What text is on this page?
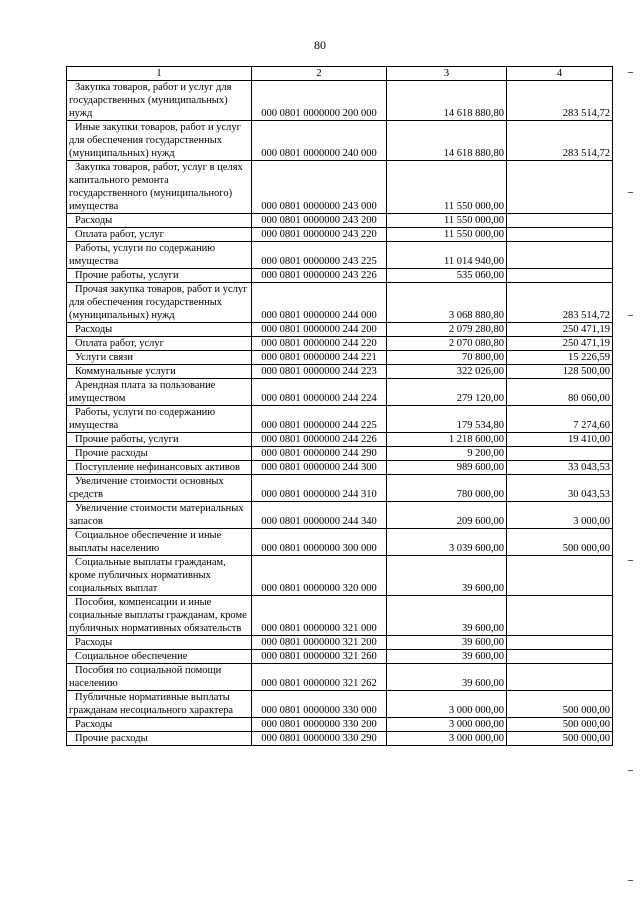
80
1	2	3	4
Закупка товаров, работ и услуг для государственных (муниципальных) нужд	000 0801 0000000 200 000	14 618 880,80	283 514,72
Иные закупки товаров, работ и услуг для обеспечения государственных (муниципальных) нужд	000 0801 0000000 240 000	14 618 880,80	283 514,72
Закупка товаров, работ, услуг в целях капитального ремонта государственного (муниципального) имущества	000 0801 0000000 243 000	11 550 000,00	
Расходы	000 0801 0000000 243 200	11 550 000,00	
Оплата работ, услуг	000 0801 0000000 243 220	11 550 000,00	
Работы, услуги по содержанию имущества	000 0801 0000000 243 225	11 014 940,00	
Прочие работы, услуги	000 0801 0000000 243 226	535 060,00	
Прочая закупка товаров, работ и услуг для обеспечения государственных (муниципальных) нужд	000 0801 0000000 244 000	3 068 880,80	283 514,72
Расходы	000 0801 0000000 244 200	2 079 280,80	250 471,19
Оплата работ, услуг	000 0801 0000000 244 220	2 070 080,80	250 471,19
Услуги связи	000 0801 0000000 244 221	70 800,00	15 226,59
Коммунальные услуги	000 0801 0000000 244 223	322 026,00	128 500,00
Арендная плата за пользование имуществом	000 0801 0000000 244 224	279 120,00	80 060,00
Работы, услуги по содержанию имущества	000 0801 0000000 244 225	179 534,80	7 274,60
Прочие работы, услуги	000 0801 0000000 244 226	1 218 600,00	19 410,00
Прочие расходы	000 0801 0000000 244 290	9 200,00	
Поступление нефинансовых активов	000 0801 0000000 244 300	989 600,00	33 043,53
Увеличение стоимости основных средств	000 0801 0000000 244 310	780 000,00	30 043,53
Увеличение стоимости материальных запасов	000 0801 0000000 244 340	209 600,00	3 000,00
Социальное обеспечение и иные выплаты населению	000 0801 0000000 300 000	3 039 600,00	500 000,00
Социальные выплаты гражданам, кроме публичных нормативных социальных выплат	000 0801 0000000 320 000	39 600,00	
Пособия, компенсации и иные социальные выплаты гражданам, кроме публичных нормативных обязательств	000 0801 0000000 321 000	39 600,00	
Расходы	000 0801 0000000 321 200	39 600,00	
Социальное обеспечение	000 0801 0000000 321 260	39 600,00	
Пособия по социальной помощи населению	000 0801 0000000 321 262	39 600,00	
Публичные нормативные выплаты гражданам несоциального характера	000 0801 0000000 330 000	3 000 000,00	500 000,00
Расходы	000 0801 0000000 330 200	3 000 000,00	500 000,00
Прочие расходы	000 0801 0000000 330 290	3 000 000,00	500 000,00
